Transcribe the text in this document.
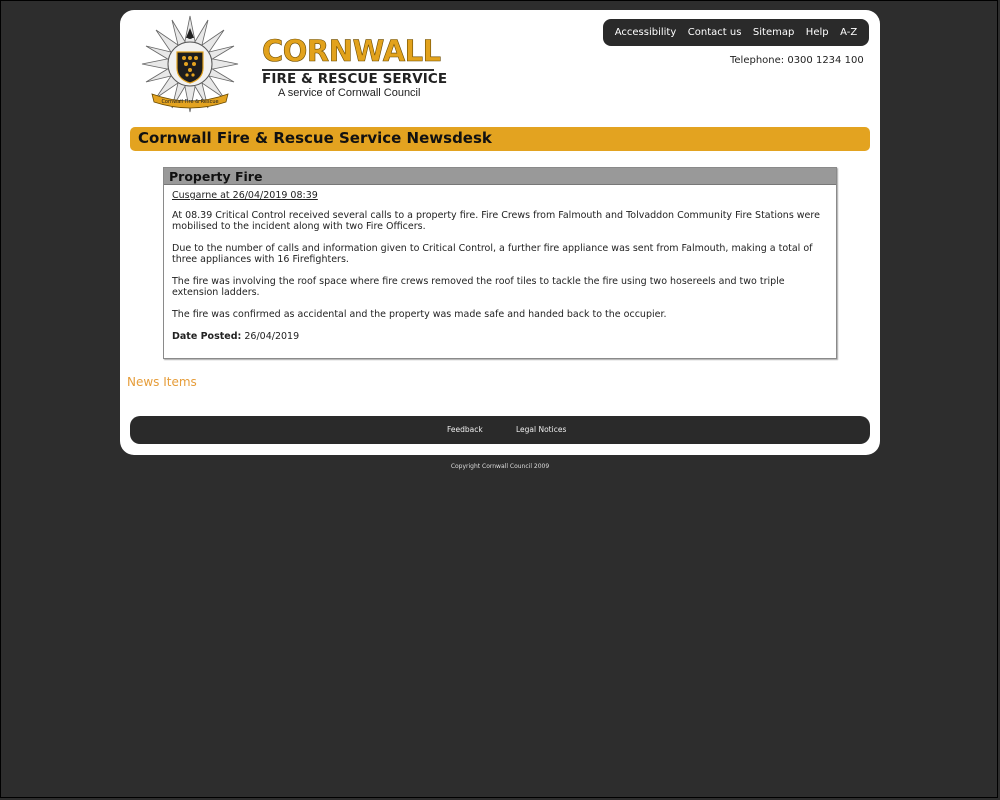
Cornwall Fire & Rescue
CORNWALL
FIRE & RESCUE SERVICE
A service of Cornwall Council
Accessibility Contact us Sitemap Help A-Z
Telephone: 0300 1234 100
Cornwall Fire & Rescue Service Newsdesk
Property Fire
Cusgarne at 26/04/2019 08:39

At 08.39 Critical Control received several calls to a property fire. Fire Crews from Falmouth and Tolvaddon Community Fire Stations were mobilised to the incident along with two Fire Officers.

Due to the number of calls and information given to Critical Control, a further fire appliance was sent from Falmouth, making a total of three appliances with 16 Firefighters.

The fire was involving the roof space where fire crews removed the roof tiles to tackle the fire using two hosereels and two triple extension ladders.

The fire was confirmed as accidental and the property was made safe and handed back to the occupier.

Date Posted: 26/04/2019
News Items
Feedback	Legal Notices
Copyright Cornwall Council 2009
